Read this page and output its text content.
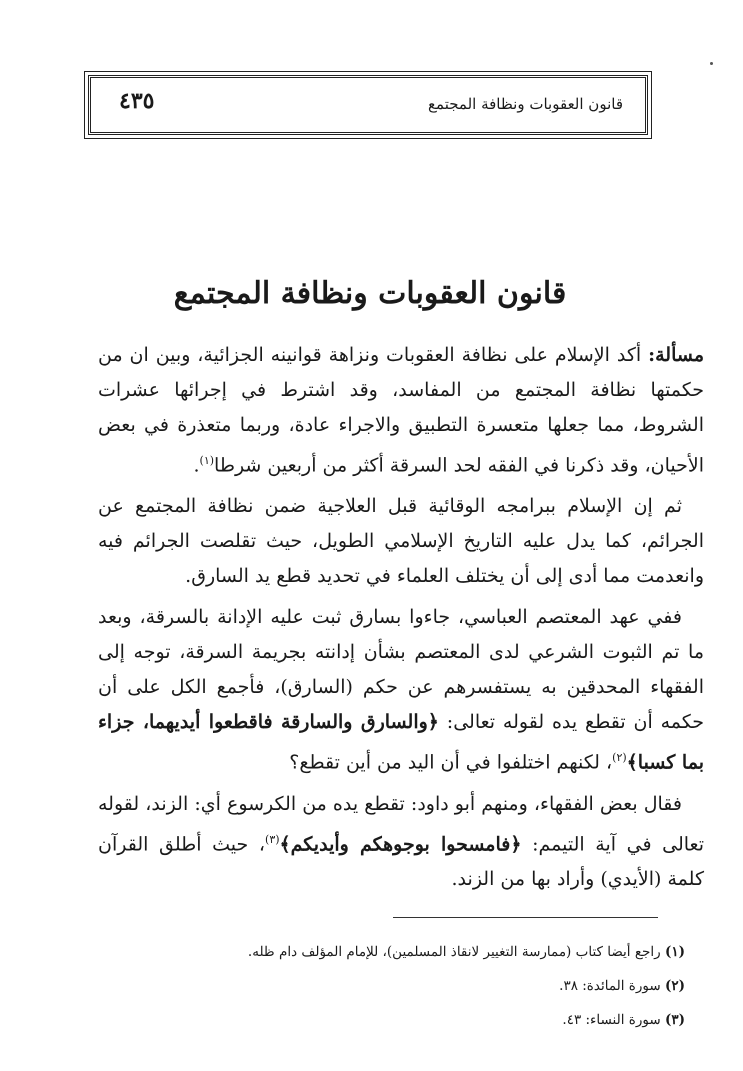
قانون العقوبات ونظافة المجتمع
٤٣٥
قانون العقوبات ونظافة المجتمع

مسألة: أكد الإسلام على نظافة العقوبات ونزاهة قوانينه الجزائية، وبين ان من حكمتها نظافة المجتمع من المفاسد، وقد اشترط في إجرائها عشرات الشروط، مما جعلها متعسرة التطبيق والاجراء عادة، وربما متعذرة في بعض الأحيان، وقد ذكرنا في الفقه لحد السرقة أكثر من أربعين شرطا$^{(١)}$.

ثم إن الإسلام ببرامجه الوقائية قبل العلاجية ضمن نظافة المجتمع عن الجرائم، كما يدل عليه التاريخ الإسلامي الطويل، حيث تقلصت الجرائم فيه وانعدمت مما أدى إلى أن يختلف العلماء في تحديد قطع يد السارق.

ففي عهد المعتصم العباسي، جاءوا بسارق ثبت عليه الإدانة بالسرقة، وبعد ما تم الثبوت الشرعي لدى المعتصم بشأن إدانته بجريمة السرقة، توجه إلى الفقهاء المحدقين به يستفسرهم عن حكم (السارق)، فأجمع الكل على أن حكمه أن تقطع يده لقوله تعالى: ﴿والسارق والسارقة فاقطعوا أيديهما، جزاء بما كسبا﴾$^{(٢)}$، لكنهم اختلفوا في أن اليد من أين تقطع؟

فقال بعض الفقهاء، ومنهم أبو داود: تقطع يده من الكرسوع أي: الزند، لقوله تعالى في آية التيمم: ﴿فامسحوا بوجوهكم وأيديكم﴾$^{(٣)}$، حيث أطلق القرآن كلمة (الأيدي) وأراد بها من الزند.

(١) راجع أيضا كتاب (ممارسة التغيير لانقاذ المسلمين)، للإمام المؤلف دام ظله.

(٢) سورة المائدة: ٣٨.

(٣) سورة النساء: ٤٣.
